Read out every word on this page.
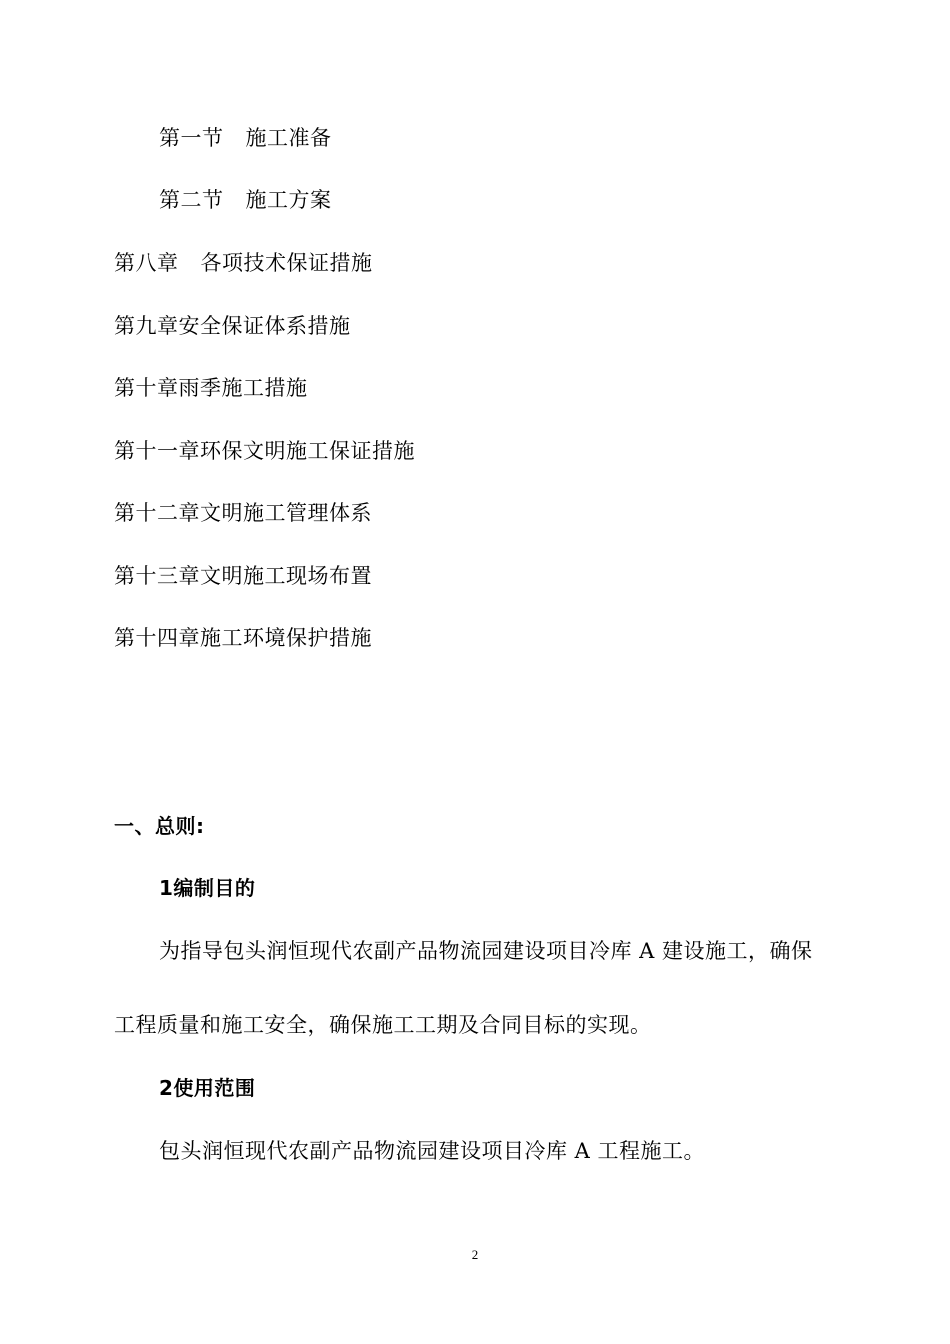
第一节 施工准备
第二节 施工方案
第八章 各项技术保证措施
第九章安全保证体系措施
第十章雨季施工措施
第十一章环保文明施工保证措施
第十二章文明施工管理体系
第十三章文明施工现场布置
第十四章施工环境保护措施
一、总则:
1编制目的
为指导包头润恒现代农副产品物流园建设项目冷库 A 建设施工，确保
工程质量和施工安全，确保施工工期及合同目标的实现。
2使用范围
包头润恒现代农副产品物流园建设项目冷库 A 工程施工。
2
